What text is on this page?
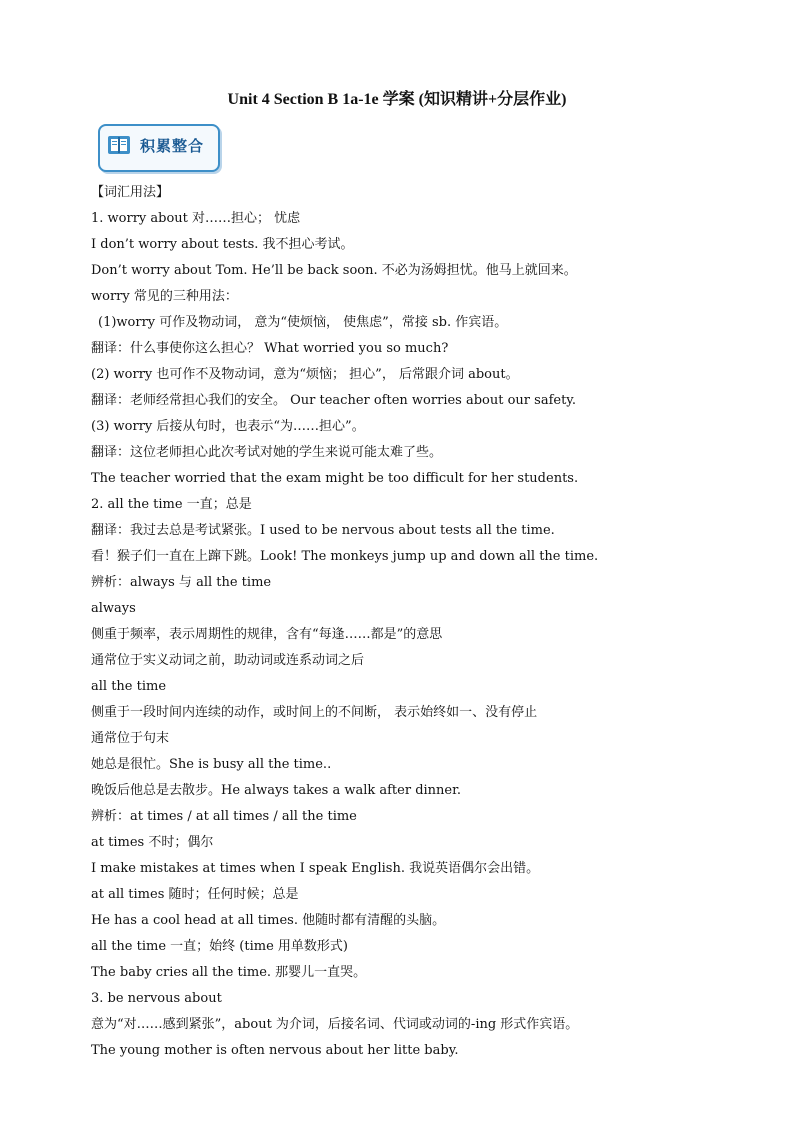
Unit 4 Section B 1a-1e 学案 (知识精讲+分层作业)
积累整合
【词汇用法】
1. worry about 对……担心； 忧虑
I don’t worry about tests. 我不担心考试。
Don’t worry about Tom. He’ll be back soon. 不必为汤姆担忧。他马上就回来。
worry 常见的三种用法：
(1)worry 可作及物动词， 意为“使烦恼， 使焦虑”，常接 sb. 作宾语。
翻译：什么事使你这么担心？ What worried you so much?
(2) worry 也可作不及物动词，意为“烦恼； 担心”， 后常跟介词 about。
翻译：老师经常担心我们的安全。 Our teacher often worries about our safety.
(3) worry 后接从句时，也表示“为……担心”。
翻译：这位老师担心此次考试对她的学生来说可能太难了些。
The teacher worried that the exam might be too difficult for her students.
2. all the time 一直；总是
翻译：我过去总是考试紧张。I used to be nervous about tests all the time.
看！猴子们一直在上蹿下跳。Look! The monkeys jump up and down all the time.
辨析：always 与 all the time
always
侧重于频率，表示周期性的规律，含有“每逢……都是”的意思
通常位于实义动词之前，助动词或连系动词之后
all the time
侧重于一段时间内连续的动作，或时间上的不间断， 表示始终如一、没有停止
通常位于句末
她总是很忙。She is busy all the time..
晚饭后他总是去散步。He always takes a walk after dinner.
辨析：at times / at all times / all the time
at times 不时；偶尔
I make mistakes at times when I speak English. 我说英语偶尔会出错。
at all times 随时；任何时候；总是
He has a cool head at all times. 他随时都有清醒的头脑。
all the time 一直；始终 (time 用单数形式)
The baby cries all the time. 那婴儿一直哭。
3. be nervous about
意为“对……感到紧张”，about 为介词，后接名词、代词或动词的-ing 形式作宾语。
The young mother is often nervous about her litte baby.
